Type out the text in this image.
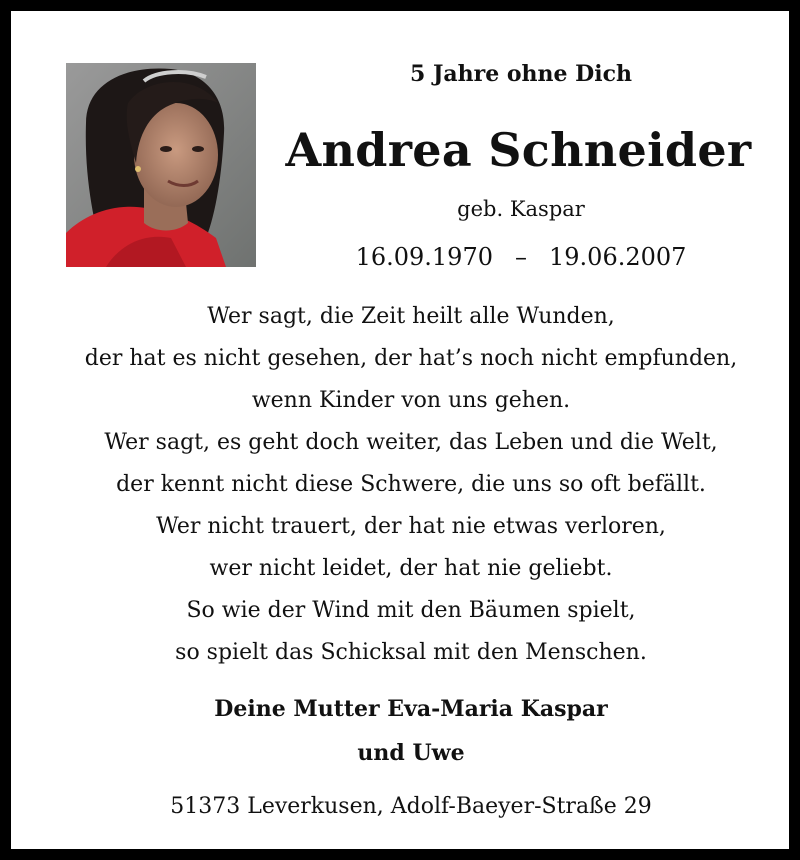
5 Jahre ohne Dich
Andrea Schneider
geb. Kaspar
16.09.1970 – 19.06.2007
Wer sagt, die Zeit heilt alle Wunden,
der hat es nicht gesehen, der hat’s noch nicht empfunden,
wenn Kinder von uns gehen.
Wer sagt, es geht doch weiter, das Leben und die Welt,
der kennt nicht diese Schwere, die uns so oft befällt.
Wer nicht trauert, der hat nie etwas verloren,
wer nicht leidet, der hat nie geliebt.
So wie der Wind mit den Bäumen spielt,
so spielt das Schicksal mit den Menschen.
Deine Mutter Eva-Maria Kaspar
und Uwe
51373 Leverkusen, Adolf-Baeyer-Straße 29
